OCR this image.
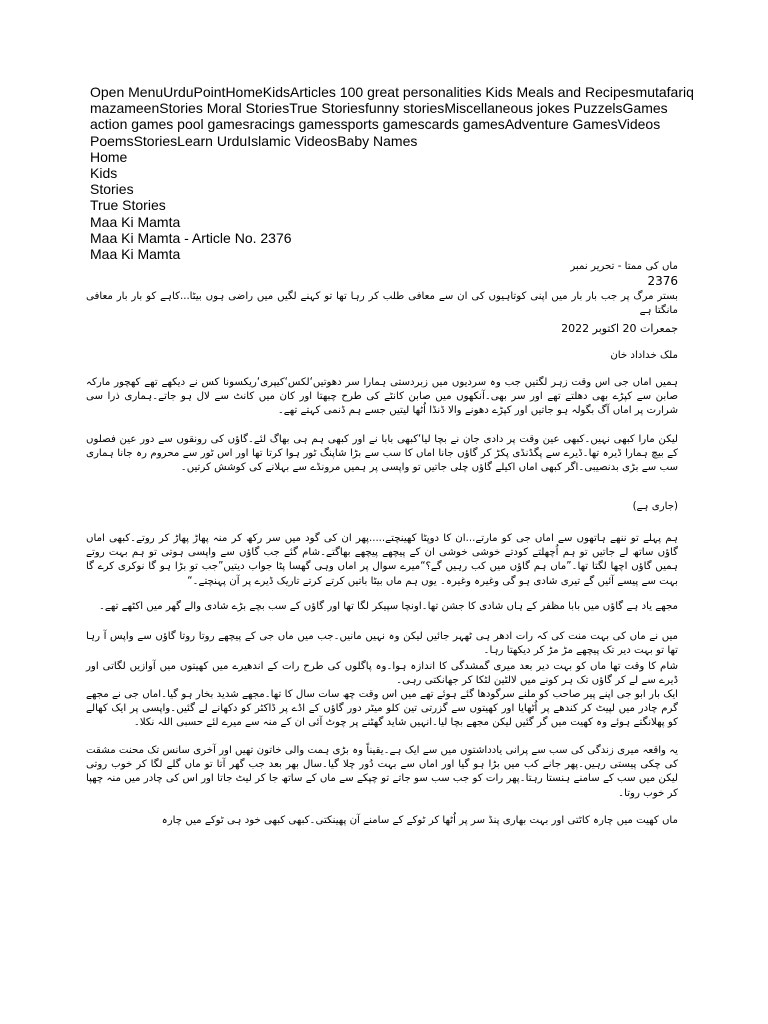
Open MenuUrduPointHomeKidsArticles 100 great personalities Kids Meals and Recipesmutafariq mazameenStories Moral StoriesTrue Storiesfunny storiesMiscellaneous jokes PuzzelsGames action games pool gamesracings gamessports gamescards gamesAdventure GamesVideos PoemsStoriesLearn UrduIslamic VideosBaby Names
Home
Kids
Stories
True Stories
Maa Ki Mamta
Maa Ki Mamta - Article No. 2376
Maa Ki Mamta
ماں کی ممتا - تحریر نمبر
2376
بستر مرگ پر جب بار بار میں اپنی کوتاہیوں کی ان سے معافی طلب کر رہا تھا تو کہنے لگیں میں راضی ہوں بیٹا...کاہے کو بار بار معافی مانگتا ہے
جمعرات 20 اکتوبر 2022
ملک خداداد خان
ہمیں اماں جی اس وقت زہر لگتیں جب وہ سردیوں میں زبردستی ہمارا سر دھوتیں‘لکس‘کیپری‘ریکسونا کس نے دیکھے تھے کھچور مارکہ صابن سے کپڑے بھی دھلتے تھے اور سر بھی۔آنکھوں میں صابن کانٹے کی طرح چبھتا اور کان میں کانٹ سے لال ہو جاتے۔ہماری ذرا سی شرارت پر اماں آگ بگولہ ہو جاتیں اور کپڑے دھونے والا ڈنڈا اُٹھا لیتیں جسے ہم ڈنمی کہتے تھے۔
لیکن مارا کبھی نہیں۔کبھی عین وقت پر دادی جان نے بچا لیا‘کبھی بابا نے اور کبھی ہم ہی بھاگ لئے۔گاؤں کی رونقوں سے دور عین فصلوں کے بیچ ہمارا ڈیرہ تھا۔ڈیرے سے پگڈنڈی پکڑ کر گاؤں جانا اماں کا سب سے بڑا شاپنگ ٹور ہوا کرتا تھا اور اس ٹور سے محروم رہ جانا ہماری سب سے بڑی بدنصیبی۔اگر کبھی اماں اکیلے گاؤں چلی جاتیں تو واپسی پر ہمیں مرونڈے سے بہلانے کی کوشش کرتیں۔
(جاری ہے)
ہم پہلے تو ننھے ہاتھوں سے اماں جی کو مارتے...ان کا دوپٹا کھینچتے.....پھر ان کی گود میں سر رکھ کر منہ پھاڑ پھاڑ کر روتے۔کبھی اماں گاؤں ساتھ لے جاتیں تو ہم اُچھلتے کودتے خوشی خوشی ان کے پیچھے پیچھے بھاگتے۔شام گئے جب گاؤں سے واپسی ہوتی تو ہم بہت روتے ہمیں گاؤں اچھا لگتا تھا۔”ماں ہم گاؤں میں کب رہیں گے؟“میرے سوال پر اماں وہی گھسا پٹا جواب دیتیں”جب تو بڑا ہو گا نوکری کرے گا بہت سے پیسے آئیں گے تیری شادی ہو گی وغیرہ وغیرہ۔ یوں ہم ماں بیٹا باتیں کرتے کرتے تاریک ڈیرے پر آن پہنچتے۔“
مجھے یاد ہے گاؤں میں بابا مظفر کے ہاں شادی کا جشن تھا۔اونچا سپیکر لگا تھا اور گاؤں کے سب بچے بڑے شادی والے گھر میں اکٹھے تھے۔
میں نے ماں کی بہت منت کی کہ رات ادھر ہی ٹھہر جائیں لیکن وہ نہیں مانیں۔جب میں ماں جی کے پیچھے روتا روتا گاؤں سے واپس آ رہا تھا تو بہت دیر تک پیچھے مڑ مڑ کر دیکھتا رہا۔
شام کا وقت تھا ماں کو بہت دیر بعد میری گمشدگی کا اندازہ ہوا۔وہ پاگلوں کی طرح رات کے اندھیرے میں کھیتوں میں آوازیں لگاتی اور ڈیرے سے لے کر گاؤں تک ہر کونے میں لالٹین لٹکا کر جھانکتی رہی۔
ایک بار ابو جی اپنے پیر صاحب کو ملنے سرگودھا گئے ہوئے تھے میں اس وقت چھ سات سال کا تھا۔مجھے شدید بخار ہو گیا۔اماں جی نے مجھے گرم چادر میں لپیٹ کر کندھے پر اُٹھایا اور کھیتوں سے گزرتی تین کلو میٹر دور گاؤں کے اڈے پر ڈاکٹر کو دکھانے لے گئیں۔واپسی پر ایک کھالے کو پھلانگتے ہوئے وہ کھیت میں گر گئیں لیکن مجھے بچا لیا۔انہیں شاید گھٹنے پر چوٹ آئی ان کے منہ سے میرے لئے حسبی اللہ نکلا۔
یہ واقعہ میری زندگی کی سب سے پرانی یادداشتوں میں سے ایک ہے۔یقیناً وہ بڑی ہمت والی خاتون تھیں اور آخری سانس تک محنت مشقت کی چکی پیستی رہیں۔پھر جانے کب میں بڑا ہو گیا اور اماں سے بہت دُور چلا گیا۔سال بھر بعد جب گھر آتا تو ماں گلے لگا کر خوب روتی لیکن میں سب کے سامنے ہنستا رہتا۔پھر رات کو جب سب سو جاتے تو چپکے سے ماں کے ساتھ جا کر لیٹ جاتا اور اس کی چادر میں منہ چھپا کر خوب روتا۔
ماں کھیت میں چارہ کاٹتی اور بہت بھاری پنڈ سر پر اُٹھا کر ٹوکے کے سامنے آن پھینکتی۔کبھی کبھی خود ہی ٹوکے میں چارہ
